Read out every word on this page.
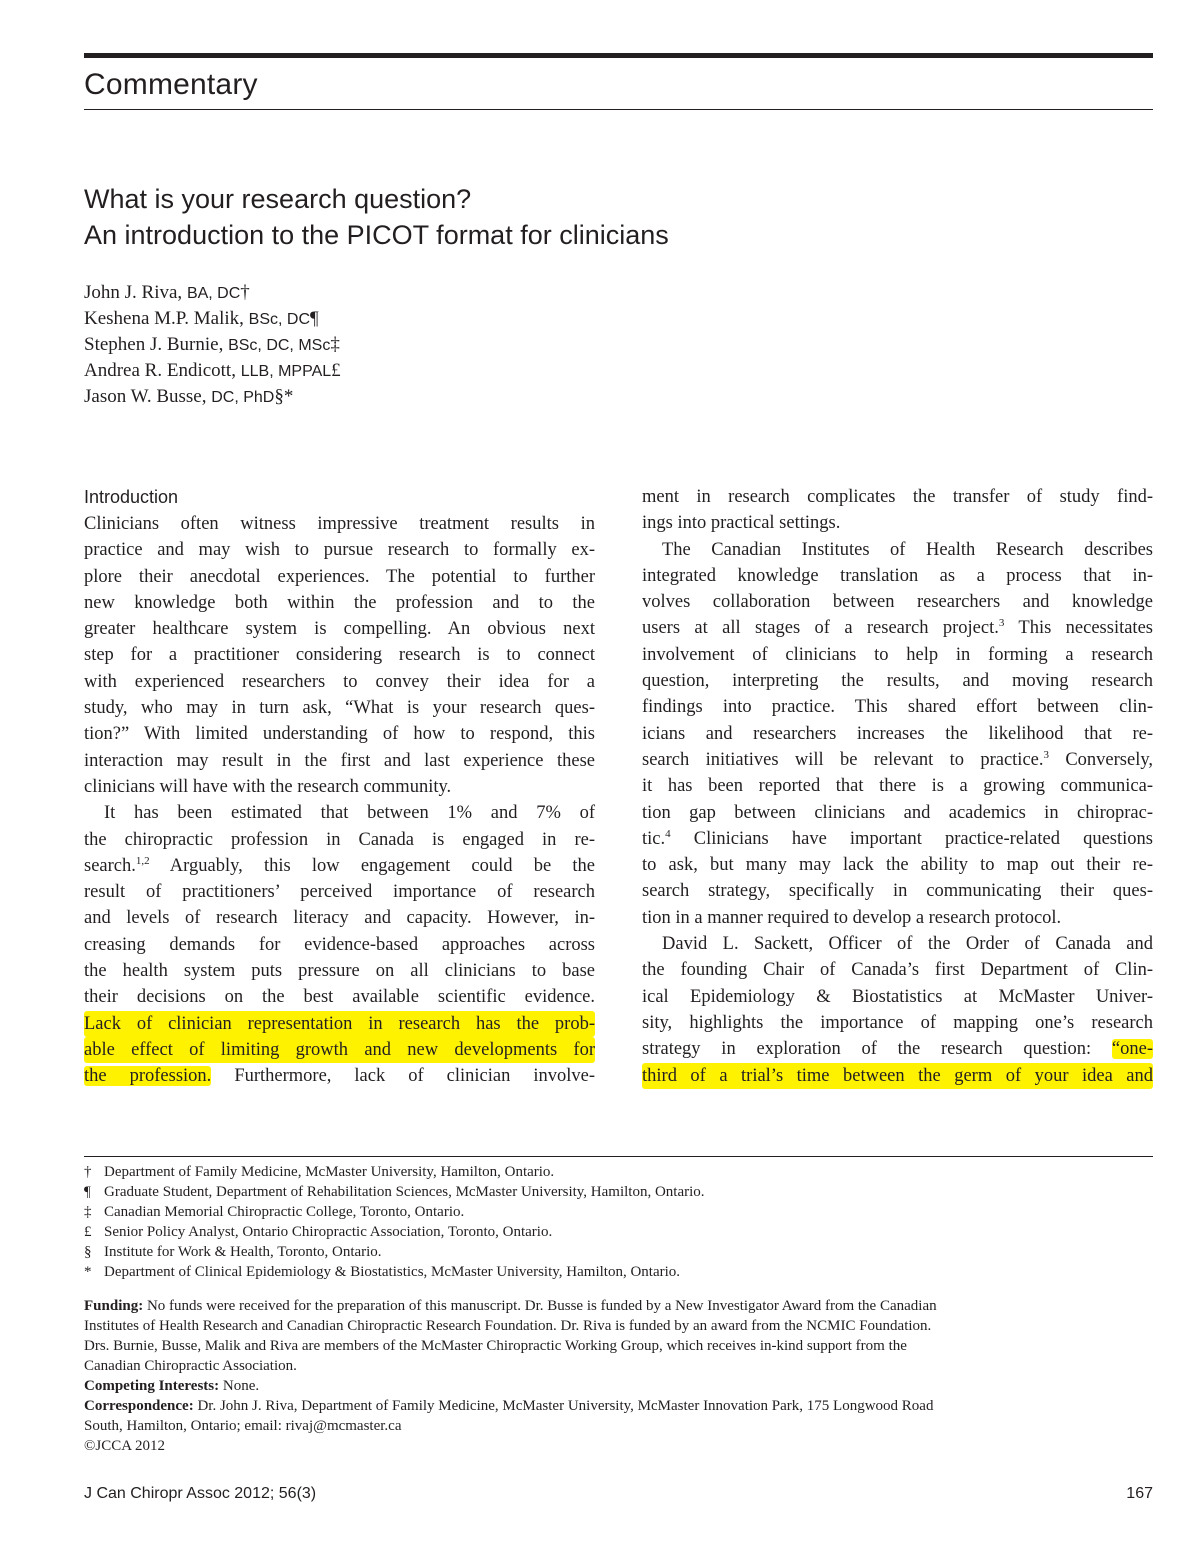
Commentary
What is your research question?
An introduction to the PICOT format for clinicians
John J. Riva, BA, DC†
Keshena M.P. Malik, BSc, DC¶
Stephen J. Burnie, BSc, DC, MSc‡
Andrea R. Endicott, LLB, MPPAL£
Jason W. Busse, DC, PhD§*
Introduction
Clinicians often witness impressive treatment results in
practice and may wish to pursue research to formally ex-
plore their anecdotal experiences. The potential to further
new knowledge both within the profession and to the
greater healthcare system is compelling. An obvious next
step for a practitioner considering research is to connect
with experienced researchers to convey their idea for a
study, who may in turn ask, “What is your research ques-
tion?” With limited understanding of how to respond, this
interaction may result in the first and last experience these
clinicians will have with the research community.
It has been estimated that between 1% and 7% of
the chiropractic profession in Canada is engaged in re-
search.$^{1,2}$ Arguably, this low engagement could be the
result of practitioners’ perceived importance of research
and levels of research literacy and capacity. However, in-
creasing demands for evidence-based approaches across
the health system puts pressure on all clinicians to base
their decisions on the best available scientific evidence.
Lack of clinician representation in research has the prob-
able effect of limiting growth and new developments for
the profession. Furthermore, lack of clinician involve-
ment in research complicates the transfer of study find-
ings into practical settings.
The Canadian Institutes of Health Research describes
integrated knowledge translation as a process that in-
volves collaboration between researchers and knowledge
users at all stages of a research project.$^3$ This necessitates
involvement of clinicians to help in forming a research
question, interpreting the results, and moving research
findings into practice. This shared effort between clin-
icians and researchers increases the likelihood that re-
search initiatives will be relevant to practice.$^3$ Conversely,
it has been reported that there is a growing communica-
tion gap between clinicians and academics in chiroprac-
tic.$^4$ Clinicians have important practice-related questions
to ask, but many may lack the ability to map out their re-
search strategy, specifically in communicating their ques-
tion in a manner required to develop a research protocol.
David L. Sackett, Officer of the Order of Canada and
the founding Chair of Canada’s first Department of Clin-
ical Epidemiology & Biostatistics at McMaster Univer-
sity, highlights the importance of mapping one’s research
strategy in exploration of the research question: “one-
third of a trial’s time between the germ of your idea and
† Department of Family Medicine, McMaster University, Hamilton, Ontario.
¶ Graduate Student, Department of Rehabilitation Sciences, McMaster University, Hamilton, Ontario.
‡ Canadian Memorial Chiropractic College, Toronto, Ontario.
£ Senior Policy Analyst, Ontario Chiropractic Association, Toronto, Ontario.
§ Institute for Work & Health, Toronto, Ontario.
* Department of Clinical Epidemiology & Biostatistics, McMaster University, Hamilton, Ontario.
Funding: No funds were received for the preparation of this manuscript. Dr. Busse is funded by a New Investigator Award from the Canadian
Institutes of Health Research and Canadian Chiropractic Research Foundation. Dr. Riva is funded by an award from the NCMIC Foundation.
Drs. Burnie, Busse, Malik and Riva are members of the McMaster Chiropractic Working Group, which receives in-kind support from the
Canadian Chiropractic Association.
Competing Interests: None.
Correspondence: Dr. John J. Riva, Department of Family Medicine, McMaster University, McMaster Innovation Park, 175 Longwood Road
South, Hamilton, Ontario; email: rivaj@mcmaster.ca
©JCCA 2012
J Can Chiropr Assoc 2012; 56(3)	167
